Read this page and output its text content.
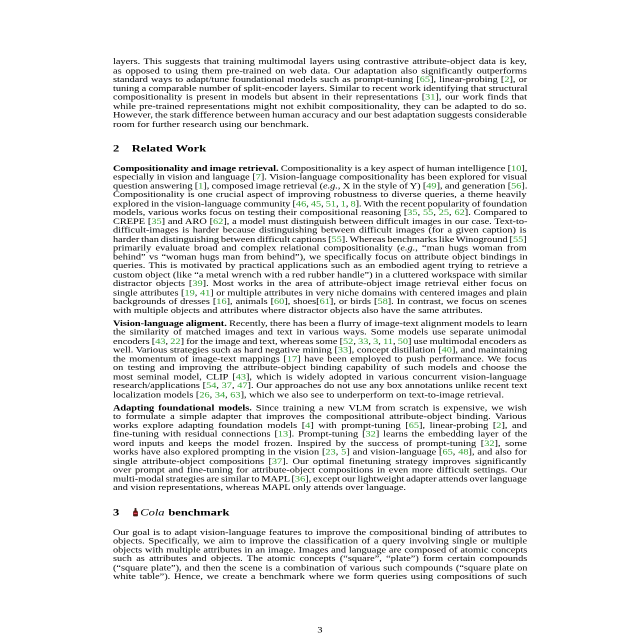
layers. This suggests that training multimodal layers using contrastive attribute-object data is key,
as opposed to using them pre-trained on web data. Our adaptation also significantly outperforms
standard ways to adapt/tune foundational models such as prompt-tuning [65], linear-probing [2], or
tuning a comparable number of split-encoder layers. Similar to recent work identifying that structural
compositionality is present in models but absent in their representations [31], our work finds that
while pre-trained representations might not exhibit compositionality, they can be adapted to do so.
However, the stark difference between human accuracy and our best adaptation suggests considerable
room for further research using our benchmark.
2 Related Work
Compositionality and image retrieval. Compositionality is a key aspect of human intelligence [10],
especially in vision and language [7]. Vision-language compositionality has been explored for visual
question answering [1], composed image retrieval (e.g., X in the style of Y) [49], and generation [56].
Compositionality is one crucial aspect of improving robustness to diverse queries, a theme heavily
explored in the vision-language community [46, 45, 51, 1, 8]. With the recent popularity of foundation
models, various works focus on testing their compositional reasoning [35, 55, 25, 62]. Compared to
CREPE [35] and ARO [62], a model must distinguish between difficult images in our case. Text-to-
difficult-images is harder because distinguishing between difficult images (for a given caption) is
harder than distinguishing between difficult captions [55]. Whereas benchmarks like Winoground [55]
primarily evaluate broad and complex relational compositionality (e.g., “man hugs woman from
behind” vs “woman hugs man from behind”), we specifically focus on attribute object bindings in
queries. This is motivated by practical applications such as an embodied agent trying to retrieve a
custom object (like “a metal wrench with a red rubber handle”) in a cluttered workspace with similar
distractor objects [39]. Most works in the area of attribute-object image retrieval either focus on
single attributes [19, 41] or multiple attributes in very niche domains with centered images and plain
backgrounds of dresses [16], animals [60], shoes[61], or birds [58]. In contrast, we focus on scenes
with multiple objects and attributes where distractor objects also have the same attributes.
Vision-language aligment. Recently, there has been a flurry of image-text alignment models to learn
the similarity of matched images and text in various ways. Some models use separate unimodal
encoders [43, 22] for the image and text, whereas some [52, 33, 3, 11, 50] use multimodal encoders as
well. Various strategies such as hard negative mining [33], concept distillation [40], and maintaining
the momentum of image-text mappings [17] have been employed to push performance. We focus
on testing and improving the attribute-object binding capability of such models and choose the
most seminal model, CLIP [43], which is widely adopted in various concurrent vision-language
research/applications [54, 37, 47]. Our approaches do not use any box annotations unlike recent text
localization models [26, 34, 63], which we also see to underperform on text-to-image retrieval.
Adapting foundational models. Since training a new VLM from scratch is expensive, we wish
to formulate a simple adapter that improves the compositional attribute-object binding. Various
works explore adapting foundation models [4] with prompt-tuning [65], linear-probing [2], and
fine-tuning with residual connections [13]. Prompt-tuning [32] learns the embedding layer of the
word inputs and keeps the model frozen. Inspired by the success of prompt-tuning [32], some
works have also explored prompting in the vision [23, 5] and vision-language [65, 48], and also for
single attribute-object compositions [37]. Our optimal finetuning strategy improves significantly
over prompt and fine-tuning for attribute-object compositions in even more difficult settings. Our
multi-modal strategies are similar to MAPL [36], except our lightweight adapter attends over language
and vision representations, whereas MAPL only attends over language.
3 Cola benchmark
Our goal is to adapt vision-language features to improve the compositional binding of attributes to
objects. Specifically, we aim to improve the classification of a query involving single or multiple
objects with multiple attributes in an image. Images and language are composed of atomic concepts
such as attributes and objects. The atomic concepts (“square”, “plate”) form certain compounds
(“square plate”), and then the scene is a combination of various such compounds (“square plate on
white table”). Hence, we create a benchmark where we form queries using compositions of such
3
